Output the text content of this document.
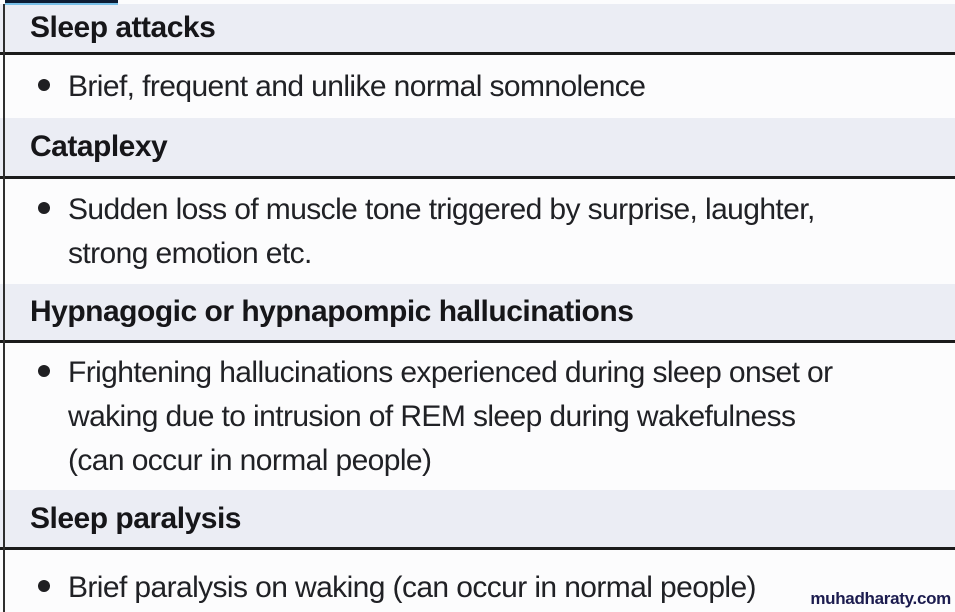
Sleep attacks
Brief, frequent and unlike normal somnolence
Cataplexy
Sudden loss of muscle tone triggered by surprise, laughter,
strong emotion etc.
Hypnagogic or hypnapompic hallucinations
Frightening hallucinations experienced during sleep onset or
waking due to intrusion of REM sleep during wakefulness
(can occur in normal people)
Sleep paralysis
Brief paralysis on waking (can occur in normal people)	muhadharaty.com
